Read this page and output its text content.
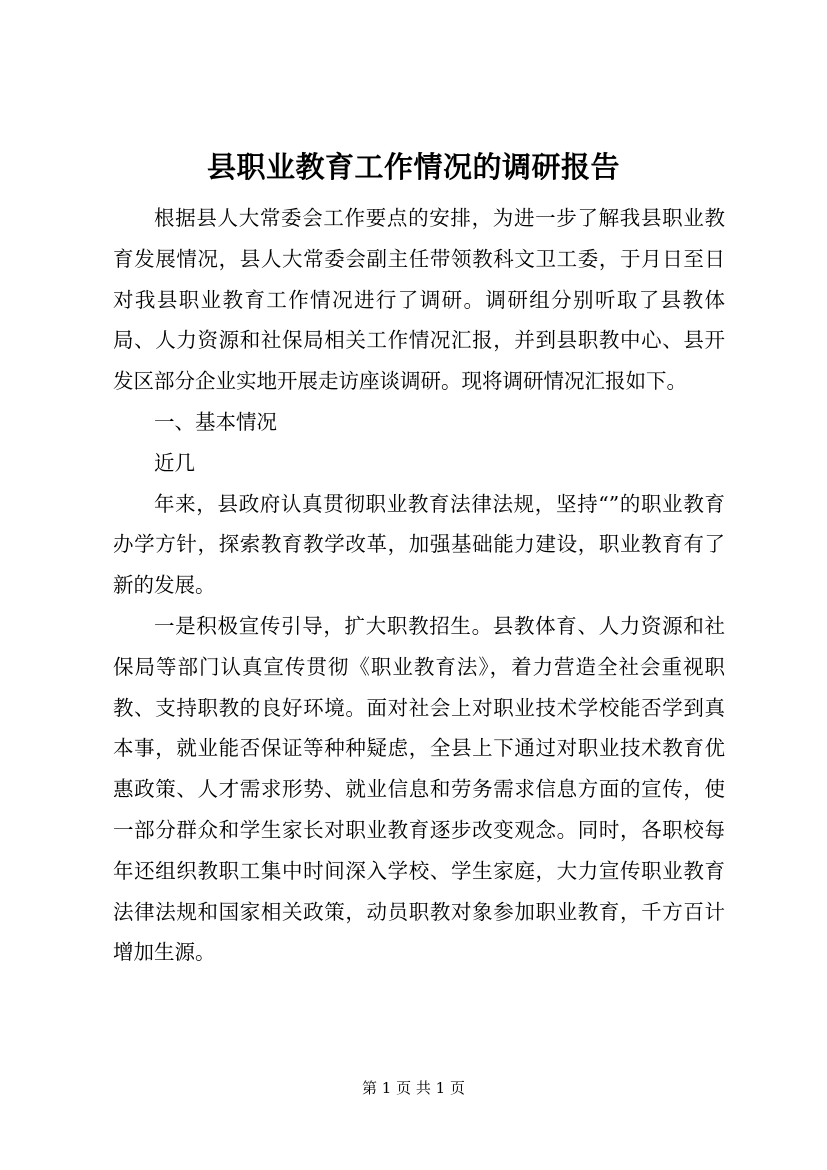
县职业教育工作情况的调研报告

根据县人大常委会工作要点的安排，为进一步了解我县职业教育发展情况，县人大常委会副主任带领教科文卫工委，于月日至日对我县职业教育工作情况进行了调研。调研组分别听取了县教体局、人力资源和社保局相关工作情况汇报，并到县职教中心、县开发区部分企业实地开展走访座谈调研。现将调研情况汇报如下。

一、基本情况

近几

年来，县政府认真贯彻职业教育法律法规，坚持“”的职业教育办学方针，探索教育教学改革，加强基础能力建设，职业教育有了新的发展。

一是积极宣传引导，扩大职教招生。县教体育、人力资源和社保局等部门认真宣传贯彻《职业教育法》，着力营造全社会重视职教、支持职教的良好环境。面对社会上对职业技术学校能否学到真本事，就业能否保证等种种疑虑，全县上下通过对职业技术教育优惠政策、人才需求形势、就业信息和劳务需求信息方面的宣传，使一部分群众和学生家长对职业教育逐步改变观念。同时，各职校每年还组织教职工集中时间深入学校、学生家庭，大力宣传职业教育法律法规和国家相关政策，动员职教对象参加职业教育，千方百计增加生源。

第 1 页 共 1 页
